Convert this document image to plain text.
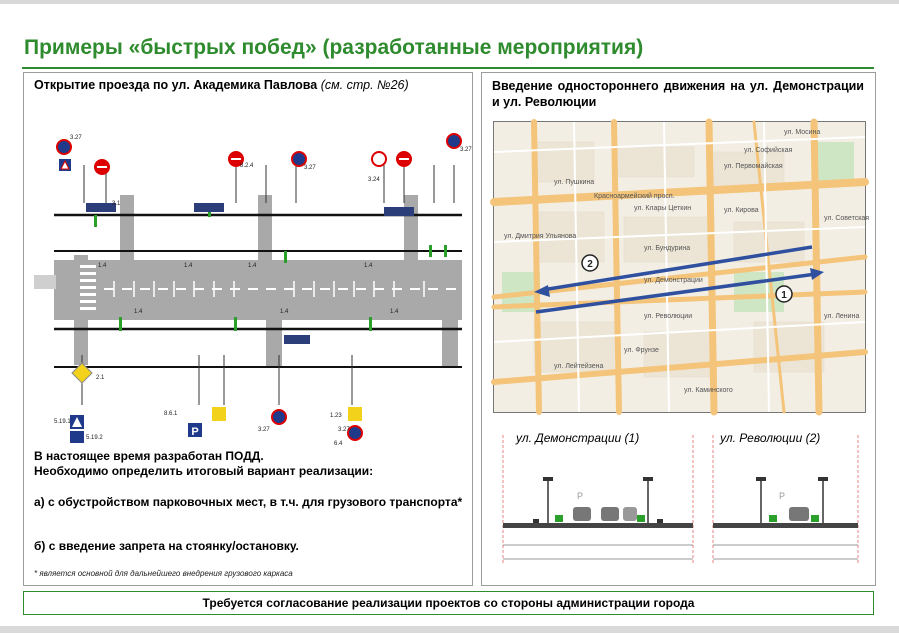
Примеры «быстрых побед» (разработанные мероприятия)
Открытие проезда по ул. Академика Павлова (см. стр. №26)
P
1.4	1.4	1.4	1.4
1.4	1.4	1.4
2.1
3.1
3.27
3.27
3.27
3.27	3.27
5.19.1
5.19.2
6.4
1.23
8.2.4
8.6.1
3.24
В настоящее время разработан ПОДД.
Необходимо определить итоговый вариант реализации:
а) с обустройством парковочных мест, в т.ч. для грузового транспорта*
б) с введение запрета на стоянку/остановку.
* является основной для дальнейшего внедрения грузового каркаса
Введение одностороннего движения на ул. Демонстрации и ул. Революции
Красноармейский просп.
ул. Мосина
ул. Дмитрия Ульянова
ул. Демонстрации
ул. Революции
ул. Пушкина
ул. Первомайская
ул. Фрунзе
ул. Кирова
ул. Советская
ул. Ленина
ул. Лейтейзена
ул. Каминского
ул. Софийская
ул. Клары Цеткин
ул. Бундурина
2
1
ул. Демонстрации (1)	ул. Революции (2)
P	P
Требуется согласование реализации проектов со стороны администрации города
